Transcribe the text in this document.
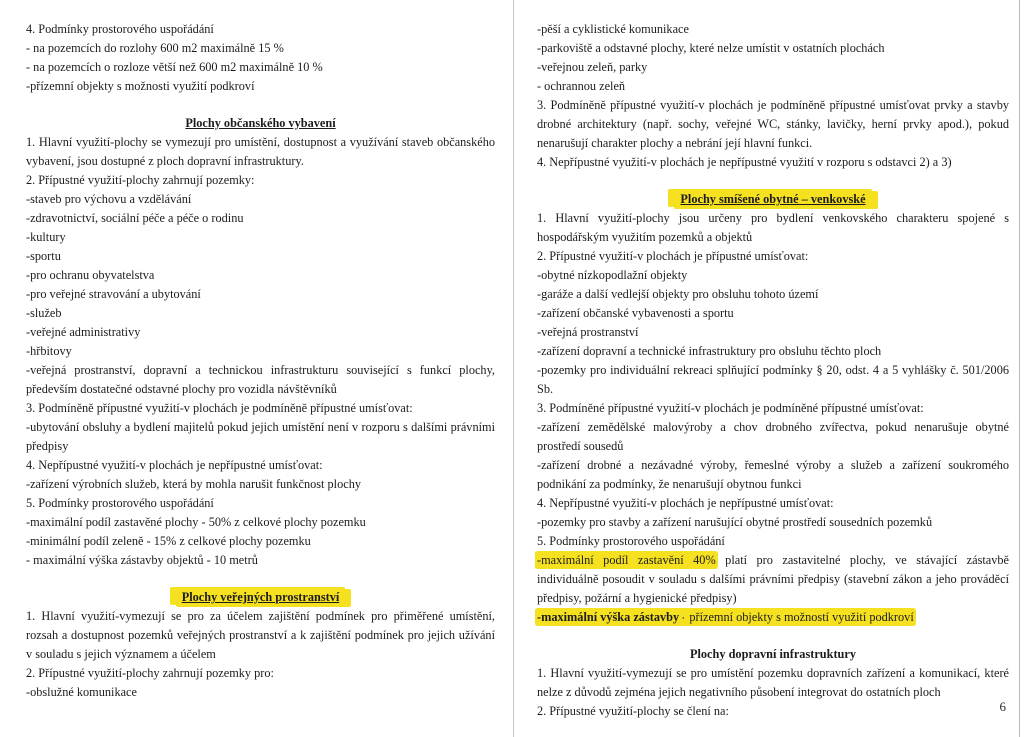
4. Podmínky prostorového uspořádání
- na pozemcích do rozlohy 600 m2 maximálně 15 %
- na pozemcích o rozloze větší než 600 m2 maximálně 10 %
-přízemní objekty s možnosti využití podkroví
Plochy občanského vybavení
1. Hlavní využití-plochy se vymezují pro umístění, dostupnost a využívání staveb občanského vybavení, jsou dostupné z ploch dopravní infrastruktury.
2. Přípustné využití-plochy zahrnují pozemky:
-staveb pro výchovu a vzdělávání
-zdravotnictví, sociální péče a péče o rodinu
-kultury
-sportu
-pro ochranu obyvatelstva
-pro veřejné stravování a ubytování
-služeb
-veřejné administrativy
-hřbitovy
-veřejná prostranství, dopravní a technickou infrastrukturu související s funkcí plochy, především dostatečné odstavné plochy pro vozidla návštěvníků
3. Podmíněně přípustné využití-v plochách je podmíněně přípustné umísťovat:
-ubytování obsluhy a bydlení majitelů pokud jejich umístění není v rozporu s dalšími právními předpisy
4. Nepřípustné využití-v plochách je nepřípustné umísťovat:
-zařízení výrobních služeb, která by mohla narušit funkčnost plochy
5. Podmínky prostorového uspořádání
-maximální podíl zastavěné plochy - 50% z celkové plochy pozemku
-minimální podíl zeleně - 15% z celkové plochy pozemku
- maximální výška zástavby objektů - 10 metrů
Plochy veřejných prostranství
1. Hlavní využití-vymezují se pro za účelem zajištění podmínek pro přiměřené umístění, rozsah a dostupnost pozemků veřejných prostranství a k zajištění podmínek pro jejich užívání v souladu s jejich významem a účelem
2. Přípustné využití-plochy zahrnují pozemky pro:
-obslužné komunikace
-pěší a cyklistické komunikace
-parkoviště a odstavné plochy, které nelze umístit v ostatních plochách
-veřejnou zeleň, parky
- ochrannou zeleň
3. Podmíněně přípustné využití-v plochách je podmíněně přípustné umísťovat prvky a stavby drobné architektury (např. sochy, veřejné WC, stánky, lavičky, herní prvky apod.), pokud nenarušují charakter plochy a nebrání její hlavní funkci.
4. Nepřípustné využití-v plochách je nepřípustné využití v rozporu s odstavci 2) a 3)
Plochy smíšené obytné – venkovské
1. Hlavní využití-plochy jsou určeny pro bydlení venkovského charakteru spojené s hospodářským využitím pozemků a objektů
2. Přípustné využití-v plochách je přípustné umísťovat:
-obytné nízkopodlažní objekty
-garáže a další vedlejší objekty pro obsluhu tohoto území
-zařízení občanské vybavenosti a sportu
-veřejná prostranství
-zařízení dopravní a technické infrastruktury pro obsluhu těchto ploch
-pozemky pro individuální rekreaci splňující podmínky § 20, odst. 4 a 5 vyhlášky č. 501/2006 Sb.
3. Podmíněné přípustné využití-v plochách je podmíněné přípustné umísťovat:
-zařízení zemědělské malovýroby a chov drobného zvířectva, pokud nenarušuje obytné prostředí sousedů
-zařízení drobné a nezávadné výroby, řemeslné výroby a služeb a zařízení soukromého podnikání za podmínky, že nenarušují obytnou funkci
4. Nepřípustné využití-v plochách je nepřípustné umísťovat:
-pozemky pro stavby a zařízení narušující obytné prostředí sousedních pozemků
5. Podmínky prostorového uspořádání
-maximální podíl zastavění 40% platí pro zastavitelné plochy, ve stávající zástavbě individuálně posoudit v souladu s dalšími právními předpisy (stavební zákon a jeho prováděcí předpisy, požární a hygienické předpisy)
-maximální výška zástavby - přízemní objekty s možností využití podkroví
Plochy dopravní infrastruktury
1. Hlavní využití-vymezují se pro umístění pozemku dopravních zařízení a komunikací, které nelze z důvodů zejména jejich negativního působení integrovat do ostatních ploch
2. Přípustné využití-plochy se člení na:	6
